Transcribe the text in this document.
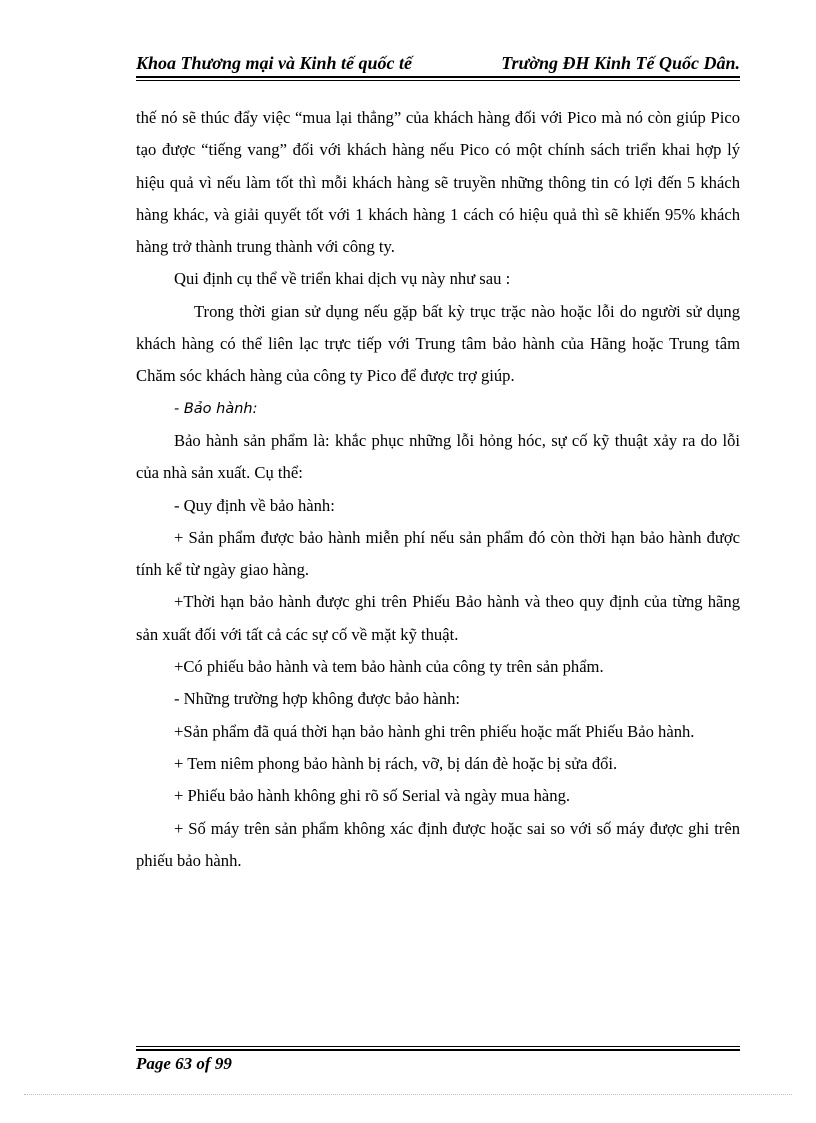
Khoa Thương mại và Kinh tế quốc tế	Trường ĐH Kinh Tế Quốc Dân.

thế nó sẽ thúc đẩy việc “mua lại thẳng” của khách hàng đối với Pico mà nó còn giúp Pico tạo được “tiếng vang” đối với khách hàng nếu Pico có một chính sách triển khai hợp lý hiệu quả vì nếu làm tốt thì mỗi khách hàng sẽ truyền những thông tin có lợi đến 5 khách hàng khác, và giải quyết tốt với 1 khách hàng 1 cách có hiệu quả thì sẽ khiến 95% khách hàng trở thành trung thành với công ty.

Qui định cụ thể về triển khai dịch vụ này như sau :

Trong thời gian sử dụng nếu gặp bất kỳ trục trặc nào hoặc lỗi do người sử dụng khách hàng có thể liên lạc trực tiếp với Trung tâm bảo hành của Hãng hoặc Trung tâm Chăm sóc khách hàng của công ty Pico để được trợ giúp.

- Bảo hành:

Bảo hành sản phẩm là: khắc phục những lỗi hỏng hóc, sự cố kỹ thuật xảy ra do lỗi của nhà sản xuất. Cụ thể:

- Quy định về bảo hành:

+ Sản phẩm được bảo hành miễn phí nếu sản phẩm đó còn thời hạn bảo hành được tính kể từ ngày giao hàng.

+Thời hạn bảo hành được ghi trên Phiếu Bảo hành và theo quy định của từng hãng sản xuất đối với tất cả các sự cố về mặt kỹ thuật.

+Có phiếu bảo hành và tem bảo hành của công ty trên sản phẩm.

- Những trường hợp không được bảo hành:

+Sản phẩm đã quá thời hạn bảo hành ghi trên phiếu hoặc mất Phiếu Bảo hành.

+ Tem niêm phong bảo hành bị rách, vỡ, bị dán đè hoặc bị sửa đổi.

+ Phiếu bảo hành không ghi rõ số Serial và ngày mua hàng.

+ Số máy trên sản phẩm không xác định được hoặc sai so với số máy được ghi trên phiếu bảo hành.

Page 63 of 99
